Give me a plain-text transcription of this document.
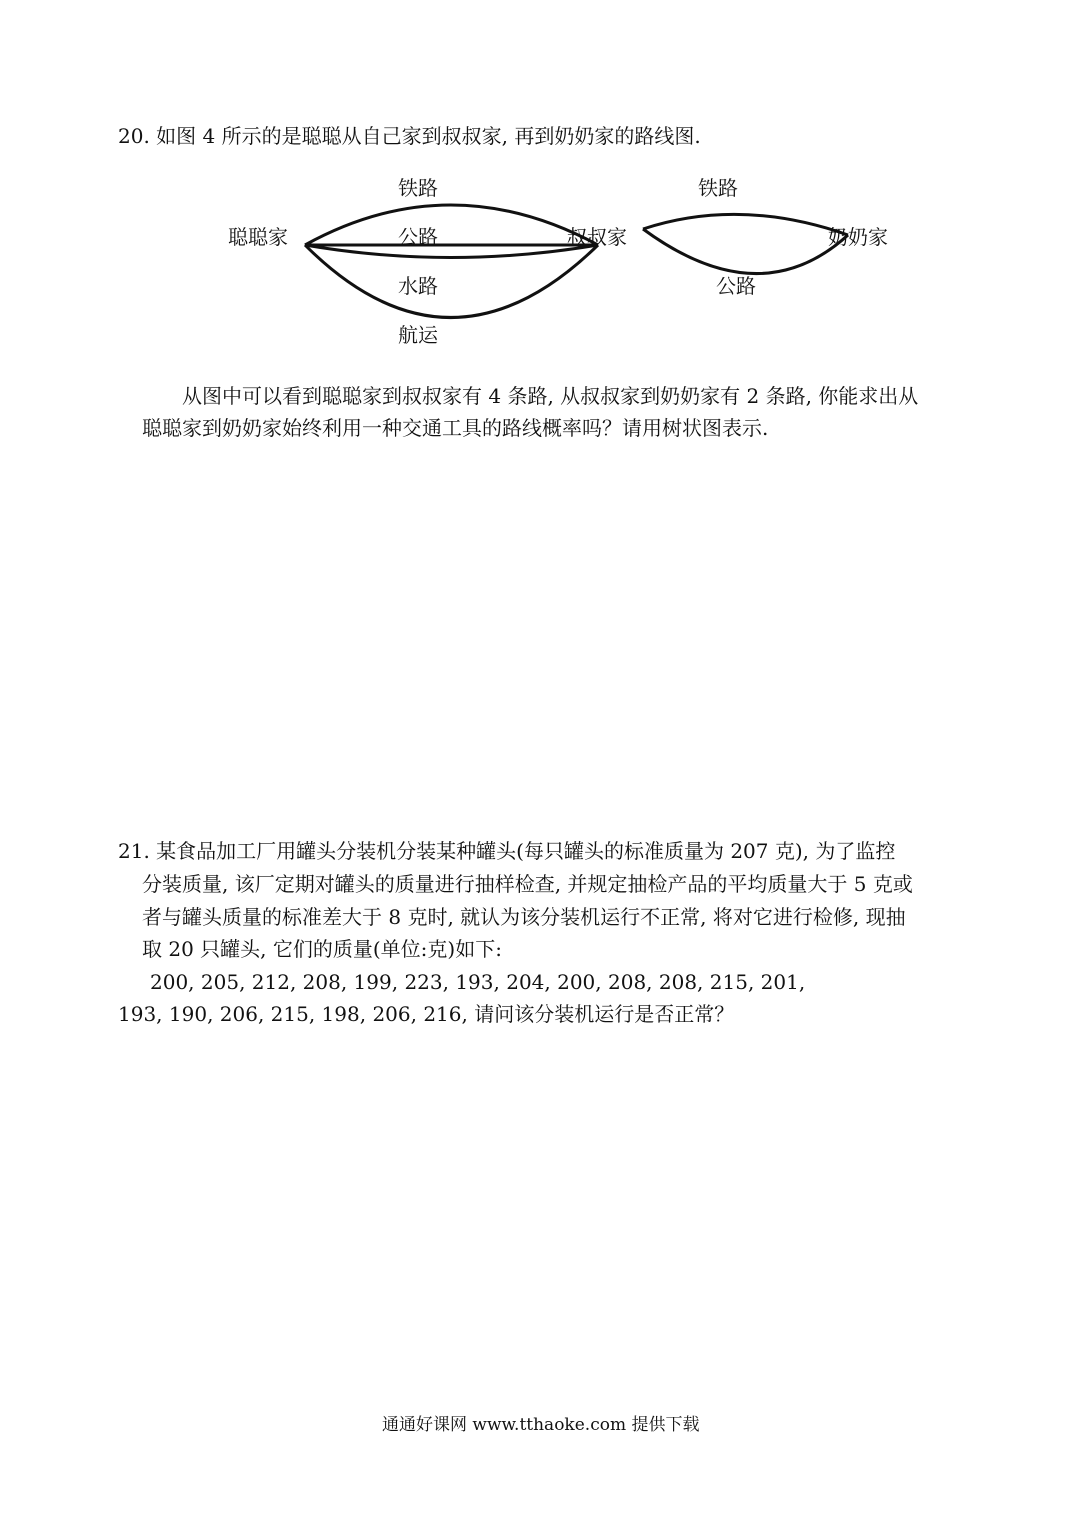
20. 如图 4 所示的是聪聪从自己家到叔叔家, 再到奶奶家的路线图.
聪聪家	叔叔家	奶奶家
铁路
公路
水路
航运
铁路
公路
从图中可以看到聪聪家到叔叔家有 4 条路, 从叔叔家到奶奶家有 2 条路, 你能求出从
聪聪家到奶奶家始终利用一种交通工具的路线概率吗？请用树状图表示.
21. 某食品加工厂用罐头分装机分装某种罐头(每只罐头的标准质量为 207 克), 为了监控
分装质量, 该厂定期对罐头的质量进行抽样检查, 并规定抽检产品的平均质量大于 5 克或
者与罐头质量的标准差大于 8 克时, 就认为该分装机运行不正常, 将对它进行检修, 现抽
取 20 只罐头, 它们的质量(单位:克)如下:
200, 205, 212, 208, 199, 223, 193, 204, 200, 208, 208, 215, 201,
193, 190, 206, 215, 198, 206, 216, 请问该分装机运行是否正常？
通通好课网 www.tthaoke.com 提供下载
